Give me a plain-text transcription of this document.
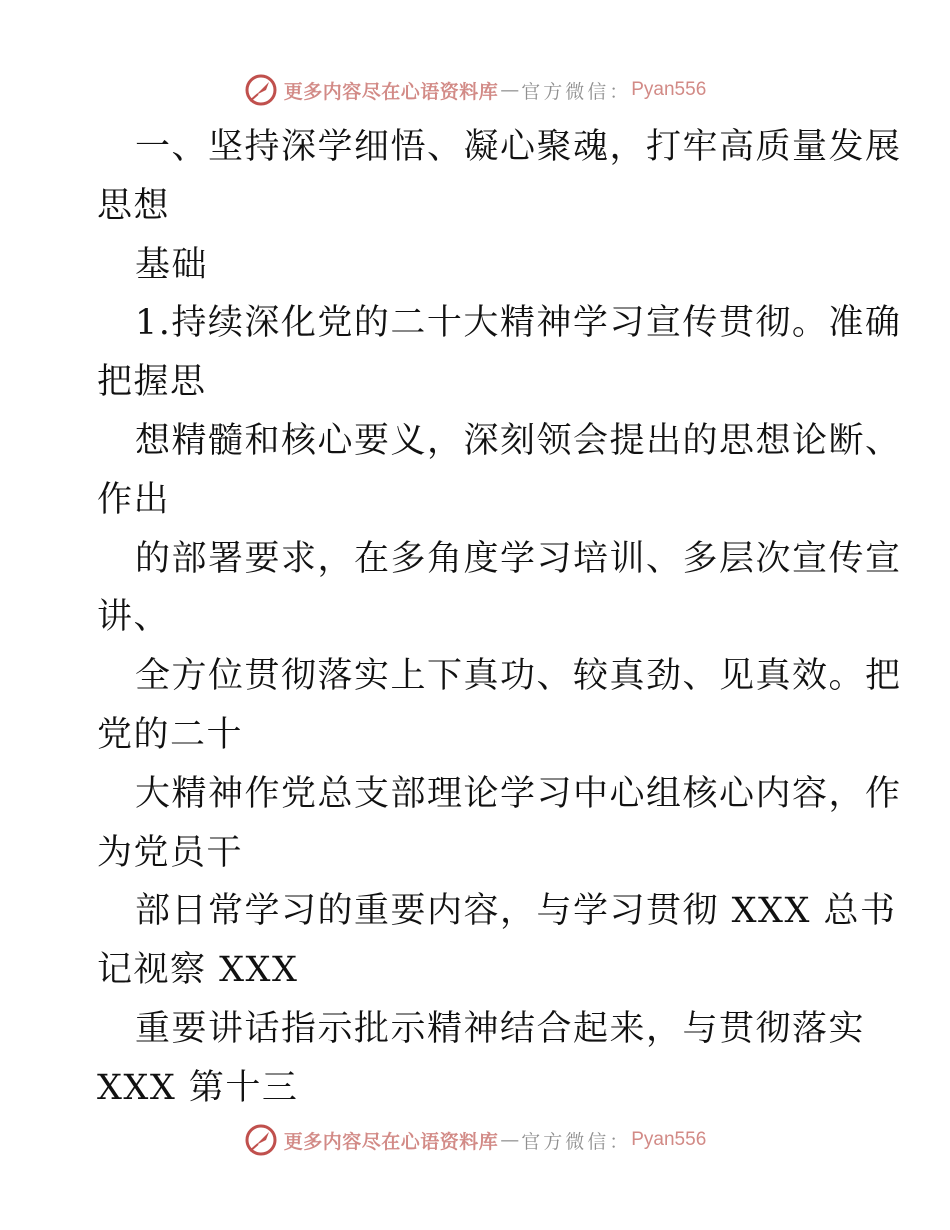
更多内容尽在心语资料库 — 官方微信： Pyan556
一、坚持深学细悟、凝心聚魂，打牢高质量发展
思想
基础
1.持续深化党的二十大精神学习宣传贯彻。准确
把握思
想精髓和核心要义，深刻领会提出的思想论断、
作出
的部署要求，在多角度学习培训、多层次宣传宣
讲、
全方位贯彻落实上下真功、较真劲、见真效。把
党的二十
大精神作党总支部理论学习中心组核心内容，作
为党员干
部日常学习的重要内容，与学习贯彻 XXX 总书
记视察 XXX
重要讲话指示批示精神结合起来，与贯彻落实
XXX 第十三
更多内容尽在心语资料库 — 官方微信： Pyan556
